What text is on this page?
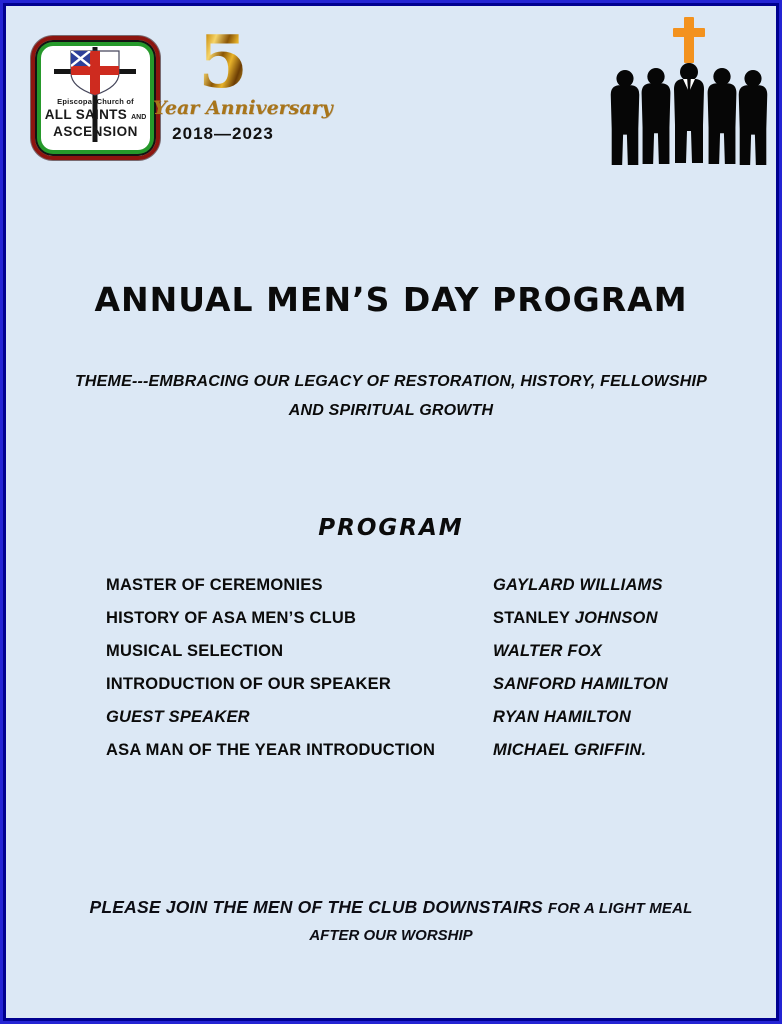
Episcopal Church of
ALL SAINTS AND
ASCENSION
5
Year Anniversary
2018—2023
ANNUAL MEN’S DAY PROGRAM
THEME---EMBRACING OUR LEGACY OF RESTORATION, HISTORY, FELLOWSHIP
AND SPIRITUAL GROWTH
PROGRAM
MASTER OF CEREMONIES	GAYLARD WILLIAMS
HISTORY OF ASA MEN’S CLUB	STANLEY JOHNSON
MUSICAL SELECTION	WALTER FOX
INTRODUCTION OF OUR SPEAKER	SANFORD HAMILTON
GUEST SPEAKER	RYAN HAMILTON
ASA MAN OF THE YEAR INTRODUCTION	MICHAEL GRIFFIN.
PLEASE JOIN THE MEN OF THE CLUB DOWNSTAIRS FOR A LIGHT MEAL
AFTER OUR WORSHIP
